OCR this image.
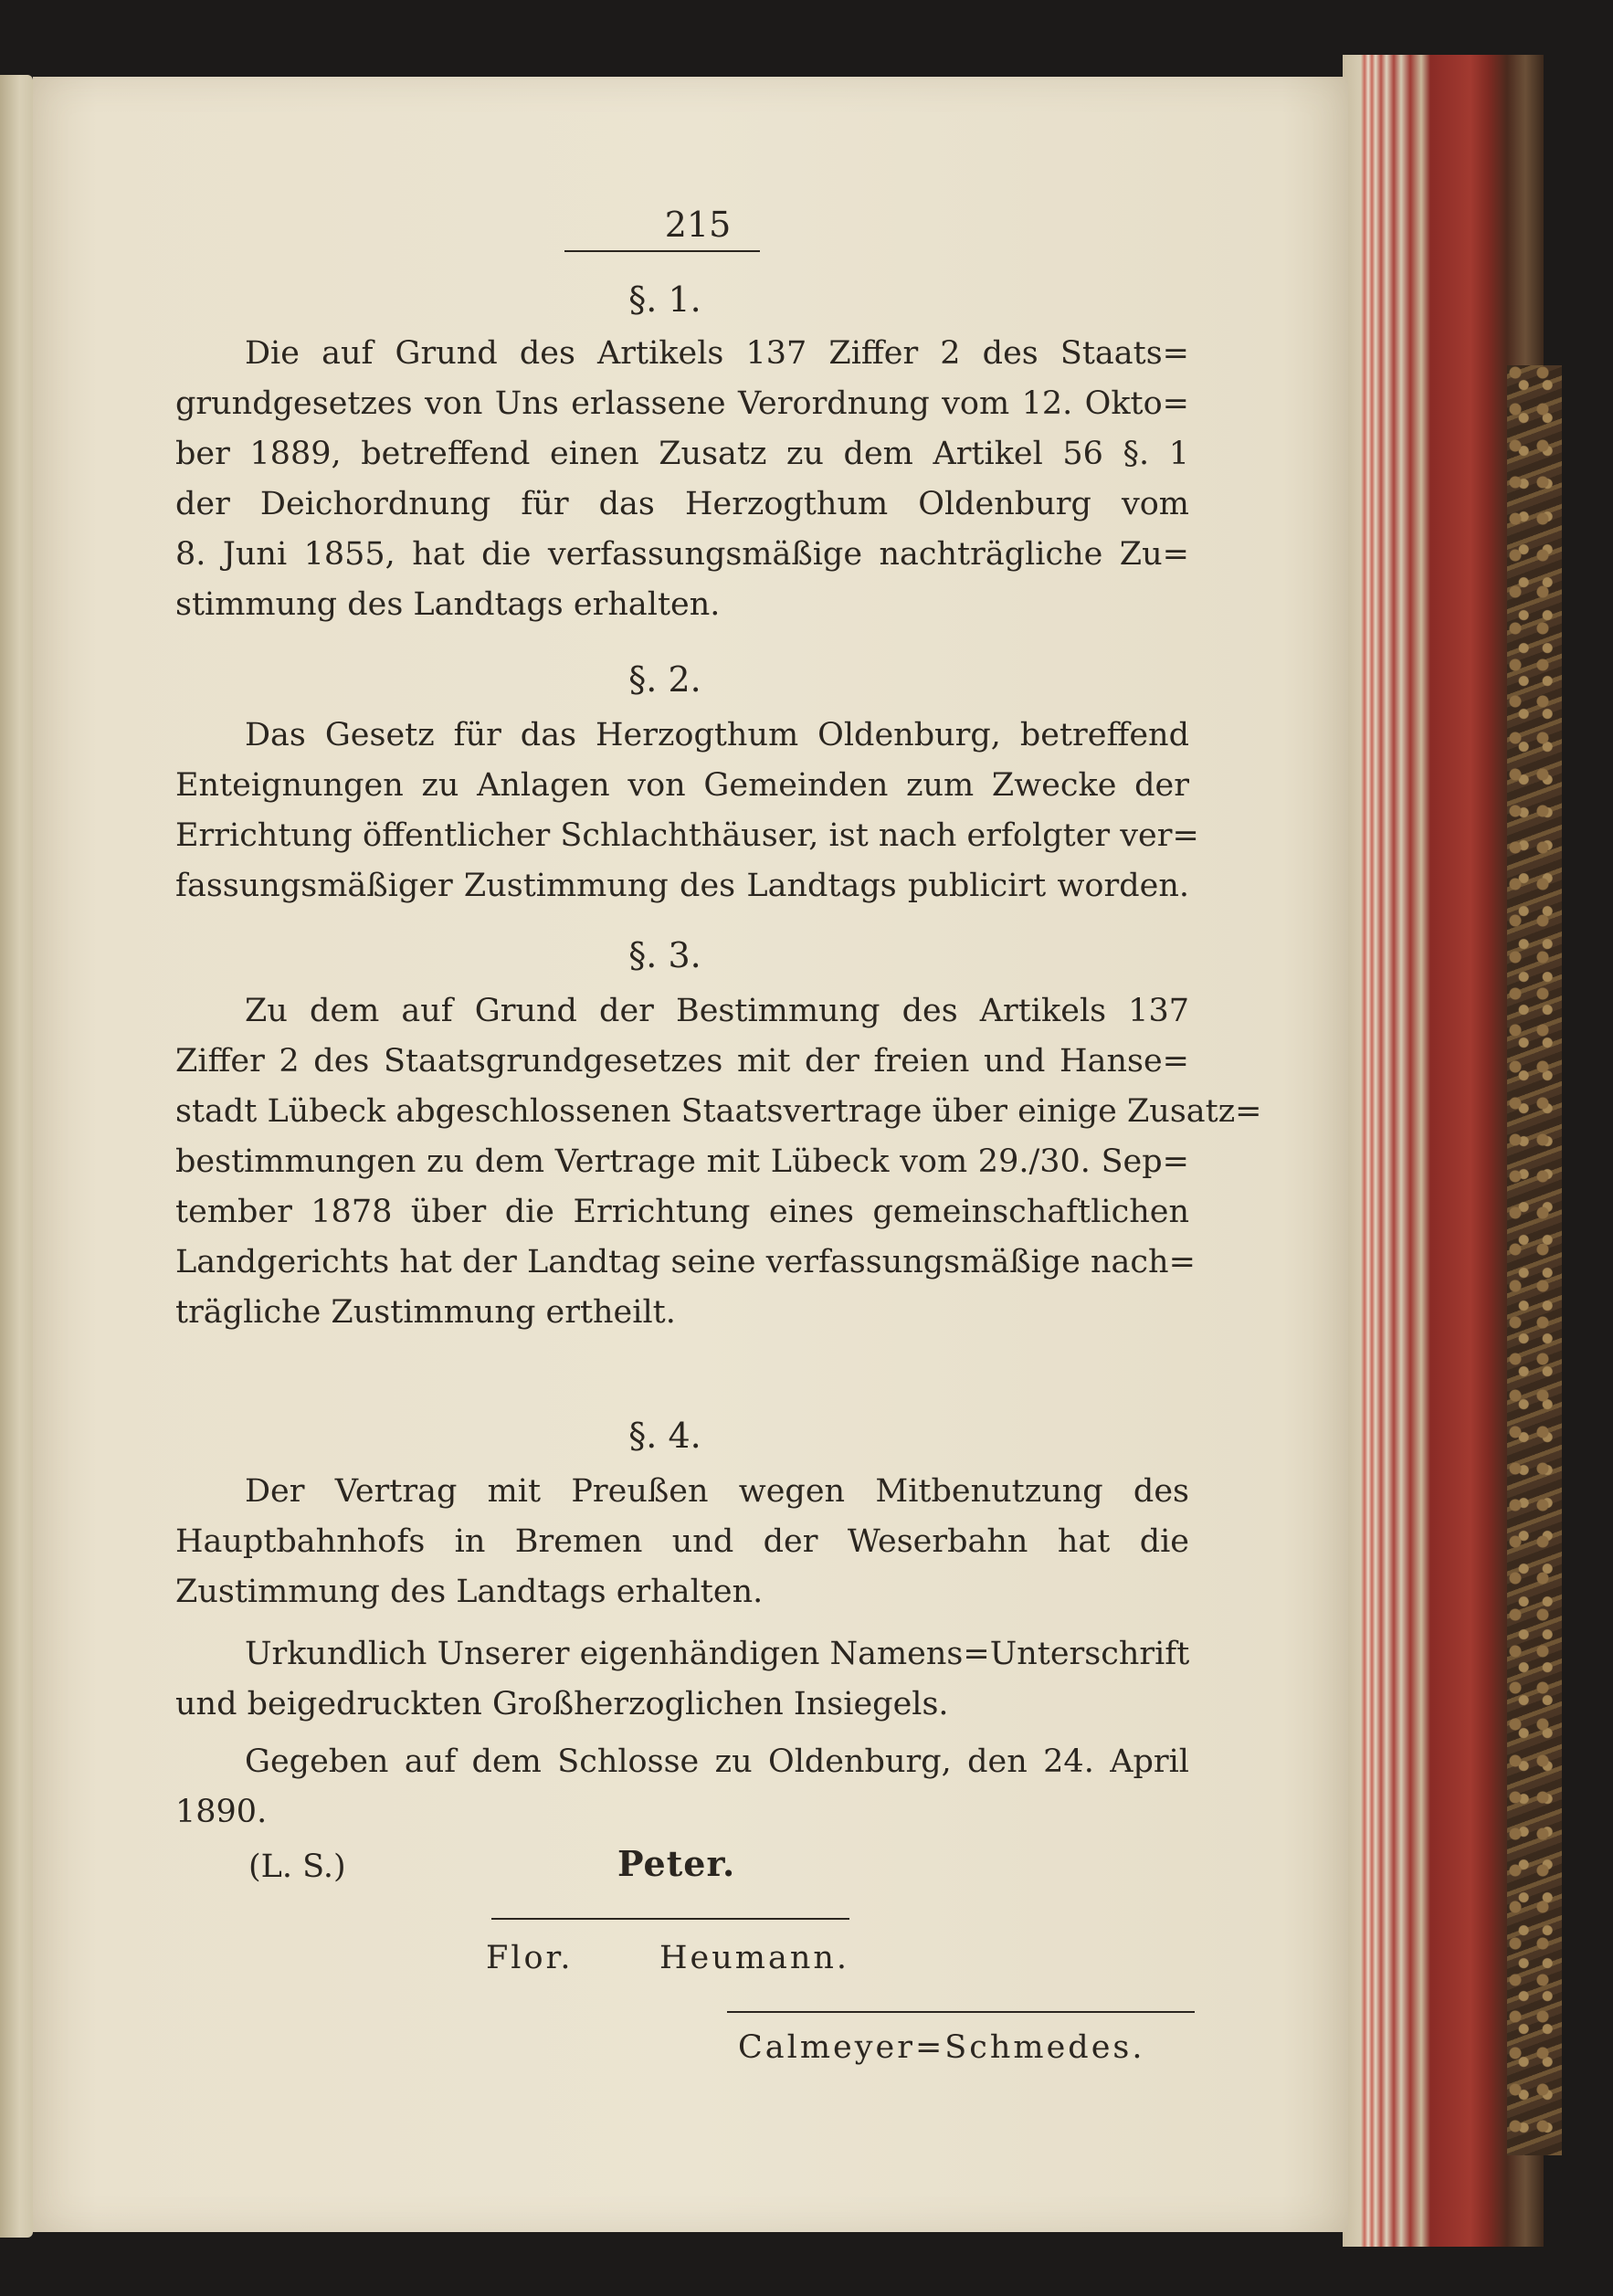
215
§. 1.

Die auf Grund des Artikels 137 Ziffer 2 des Staats=
grundgesetzes von Uns erlassene Verordnung vom 12. Okto=
ber 1889, betreffend einen Zusatz zu dem Artikel 56 §. 1
der Deichordnung für das Herzogthum Oldenburg vom
8. Juni 1855, hat die verfassungsmäßige nachträgliche Zu=
stimmung des Landtags erhalten.

§. 2.

Das Gesetz für das Herzogthum Oldenburg, betreffend
Enteignungen zu Anlagen von Gemeinden zum Zwecke der
Errichtung öffentlicher Schlachthäuser, ist nach erfolgter ver=
fassungsmäßiger Zustimmung des Landtags publicirt worden.

§. 3.

Zu dem auf Grund der Bestimmung des Artikels 137
Ziffer 2 des Staatsgrundgesetzes mit der freien und Hanse=
stadt Lübeck abgeschlossenen Staatsvertrage über einige Zusatz=
bestimmungen zu dem Vertrage mit Lübeck vom 29./30. Sep=
tember 1878 über die Errichtung eines gemeinschaftlichen
Landgerichts hat der Landtag seine verfassungsmäßige nach=
trägliche Zustimmung ertheilt.

§. 4.

Der Vertrag mit Preußen wegen Mitbenutzung des
Hauptbahnhofs in Bremen und der Weserbahn hat die
Zustimmung des Landtags erhalten.

Urkundlich Unserer eigenhändigen Namens=Unterschrift
und beigedruckten Großherzoglichen Insiegels.

Gegeben auf dem Schlosse zu Oldenburg, den 24. April
1890.

(L. S.)	Peter.
Flor.	Heumann.
Calmeyer=Schmedes.
